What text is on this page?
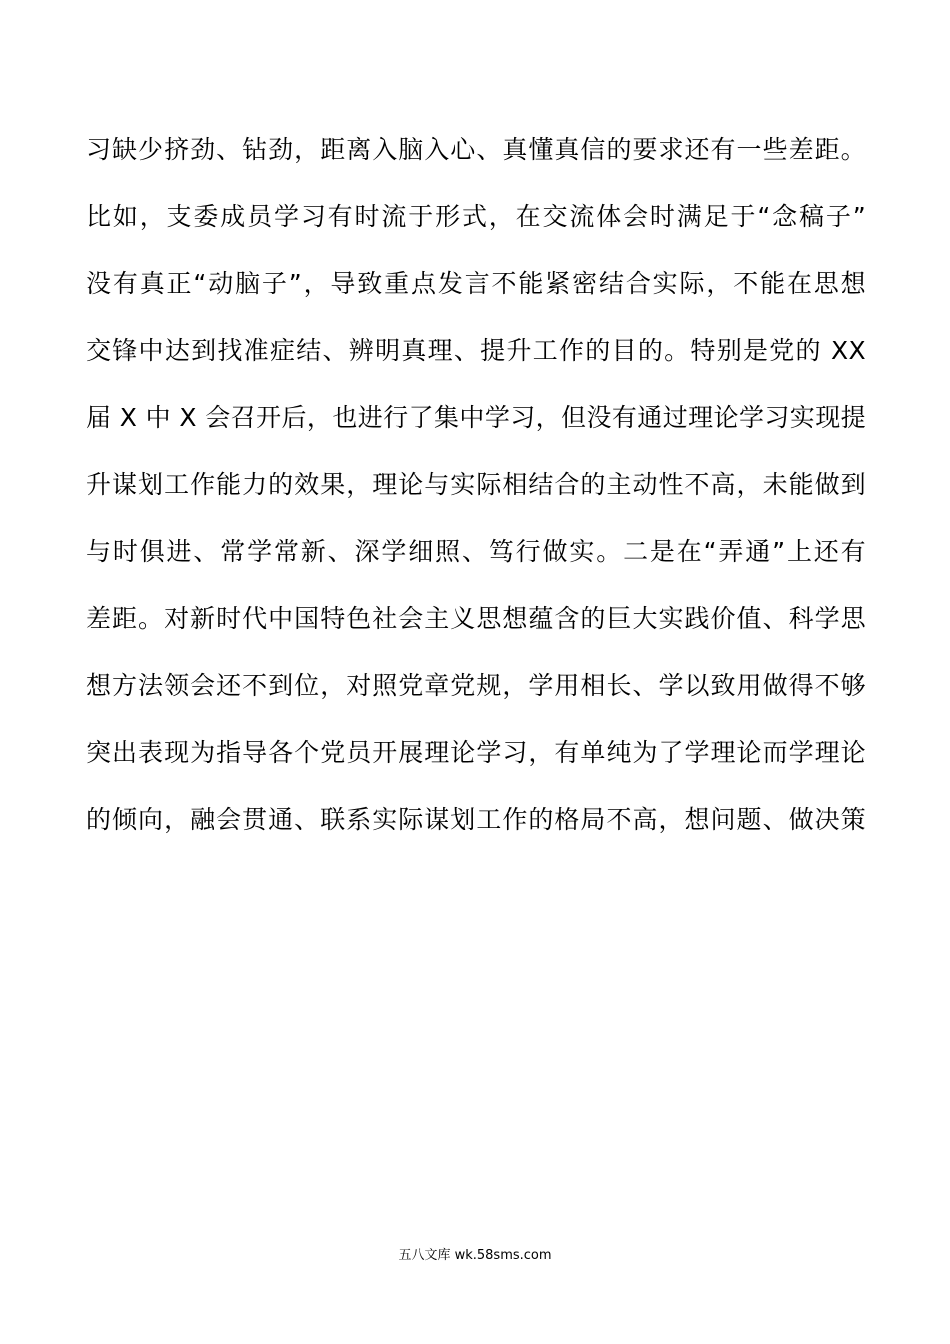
习缺少挤劲、钻劲，距离入脑入心、真懂真信的要求还有一些差距。
比如，支委成员学习有时流于形式，在交流体会时满足于“念稿子”
没有真正“动脑子”，导致重点发言不能紧密结合实际，不能在思想
交锋中达到找准症结、辨明真理、提升工作的目的。特别是党的 XX
届 X 中 X 会召开后，也进行了集中学习，但没有通过理论学习实现提
升谋划工作能力的效果，理论与实际相结合的主动性不高，未能做到
与时俱进、常学常新、深学细照、笃行做实。二是在“弄通”上还有
差距。对新时代中国特色社会主义思想蕴含的巨大实践价值、科学思
想方法领会还不到位，对照党章党规，学用相长、学以致用做得不够
突出表现为指导各个党员开展理论学习，有单纯为了学理论而学理论
的倾向，融会贯通、联系实际谋划工作的格局不高，想问题、做决策
五八文库 wk.58sms.com
